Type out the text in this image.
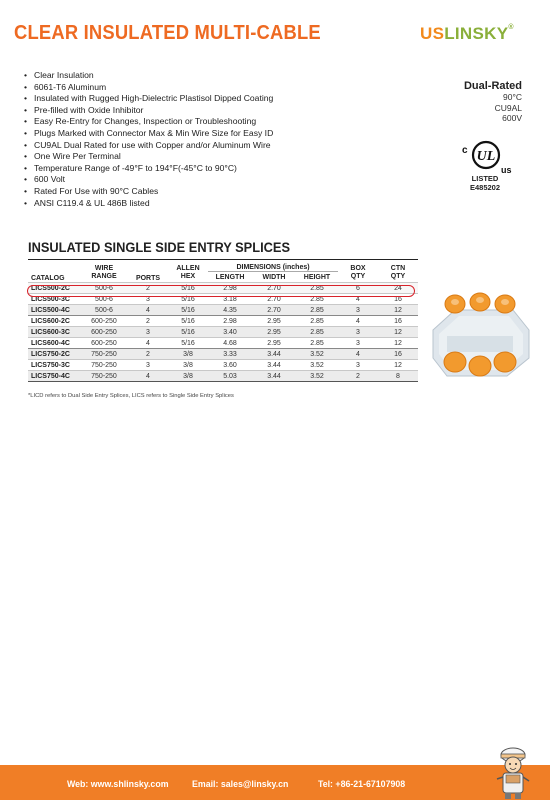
CLEAR INSULATED MULTI-CABLE	USLINSKY®
• Clear Insulation
• 6061-T6 Aluminum
• Insulated with Rugged High-Dielectric Plastisol Dipped Coating
• Pre-filled with Oxide Inhibitor
• Easy Re-Entry for Changes, Inspection or Troubleshooting
• Plugs Marked with Connector Max & Min Wire Size for Easy ID
• CU9AL Dual Rated for use with Copper and/or Aluminum Wire
• One Wire Per Terminal
• Temperature Range of -49°F to 194°F(-45°C to 90°C)
• 600 Volt
• Rated For Use with 90°C Cables
• ANSI C119.4 & UL 486B listed
Dual-Rated
90°C
CU9AL
600V
c UL
us
LISTED
E485202
INSULATED SINGLE SIDE ENTRY SPLICES
CATALOG	WIRE	PORTS	ALLEN	DIMENSIONS (inches)			BOX	CTN
	RANGE		HEX	LENGTH	WIDTH	HEIGHT	QTY	QTY
LICS500-2C	500-6	2	5/16	2.98	2.70	2.85	6	24
LICS500-3C	500-6	3	5/16	3.18	2.70	2.85	4	16
LICS500-4C	500-6	4	5/16	4.35	2.70	2.85	3	12
LICS600-2C	600-250	2	5/16	2.98	2.95	2.85	4	16
LICS600-3C	600-250	3	5/16	3.40	2.95	2.85	3	12
LICS600-4C	600-250	4	5/16	4.68	2.95	2.85	3	12
LICS750-2C	750-250	2	3/8	3.33	3.44	3.52	4	16
LICS750-3C	750-250	3	3/8	3.60	3.44	3.52	3	12
LICS750-4C	750-250	4	3/8	5.03	3.44	3.52	2	8
*LICD refers to Dual Side Entry Splices, LICS refers to Single Side Entry Splices
Web: www.shlinsky.com	Email: sales@linsky.cn	Tel: +86-21-67107908
